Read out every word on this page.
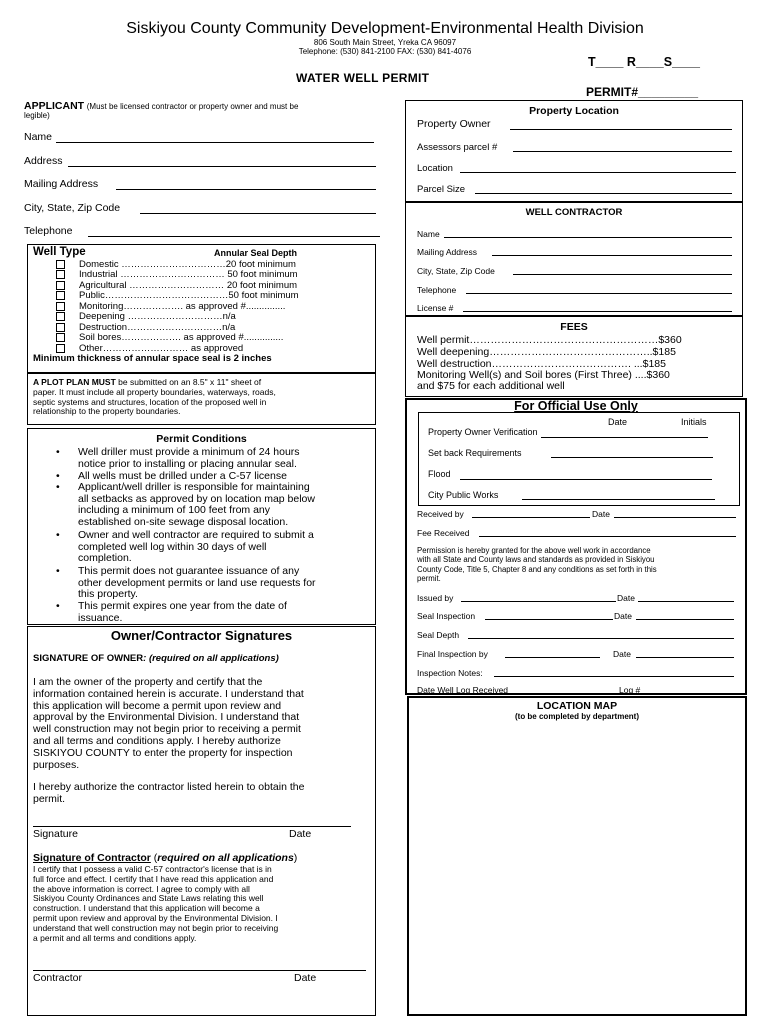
Siskiyou County Community Development-Environmental Health Division
806 South Main Street, Yreka CA 96097
Telephone: (530) 841-2100 FAX: (530) 841-4076
T____ R____S____
WATER WELL PERMIT
PERMIT#_________
APPLICANT (Must be licensed contractor or property owner and must be
legible)
Name
Address
Mailing Address
City, State, Zip Code
Telephone
Well Type	Annular Seal Depth
Domestic ……………………………20 foot minimum
Industrial …………………………… 50 foot minimum
Agricultural ………………………… 20 foot minimum
Public…………………………………50 foot minimum
Monitoring………………. as approved #...............
Deepening …………………………n/a
Destruction…………………………n/a
Soil bores………………. as approved #...............
Other……………………… as approved
Minimum thickness of annular space seal is 2 inches
A PLOT PLAN MUST be submitted on an 8.5" x 11" sheet of
paper. It must include all property boundaries, waterways, roads,
septic systems and structures, location of the proposed well in
relationship to the property boundaries.
Permit Conditions
• Well driller must provide a minimum of 24 hours
notice prior to installing or placing annular seal.
• All wells must be drilled under a C-57 license
• Applicant/well driller is responsible for maintaining
all setbacks as approved by on location map below
including a minimum of 100 feet from any
established on-site sewage disposal location.
• Owner and well contractor are required to submit a
completed well log within 30 days of well
completion.
• This permit does not guarantee issuance of any
other development permits or land use requests for
this property.
• This permit expires one year from the date of
issuance.
Owner/Contractor Signatures
SIGNATURE OF OWNER: (required on all applications)
I am the owner of the property and certify that the
information contained herein is accurate. I understand that
this application will become a permit upon review and
approval by the Environmental Division. I understand that
well construction may not begin prior to receiving a permit
and all terms and conditions apply. I hereby authorize
SISKIYOU COUNTY to enter the property for inspection
purposes.
I hereby authorize the contractor listed herein to obtain the
permit.
Signature	Date
Signature of Contractor (required on all applications)
I certify that I possess a valid C-57 contractor's license that is in
full force and effect. I certify that I have read this application and
the above information is correct. I agree to comply with all
Siskiyou County Ordinances and State Laws relating this well
construction. I understand that this application will become a
permit upon review and approval by the Environmental Division. I
understand that well construction may not begin prior to receiving
a permit and all terms and conditions apply.
Contractor	Date
Property Location
Property Owner
Assessors parcel #
Location
Parcel Size
WELL CONTRACTOR
Name
Mailing Address
City, State, Zip Code
Telephone
License #
FEES
Well permit………………………………………………$360
Well deepening………………………………………..$185
Well destruction…………………………………. ...$185
Monitoring Well(s) and Soil bores (First Three) ....$360
and $75 for each additional well
For Official Use Only
Date	Initials
Property Owner Verification
Set back Requirements
Flood
City Public Works
Received by	Date
Fee Received
Permission is hereby granted for the above well work in accordance
with all State and County laws and standards as provided in Siskiyou
County Code, Title 5, Chapter 8 and any conditions as set forth in this
permit.
Issued by	Date
Seal Inspection	Date
Seal Depth
Final Inspection by	Date
Inspection Notes:
Date Well Log Received	Log #
LOCATION MAP
(to be completed by department)
